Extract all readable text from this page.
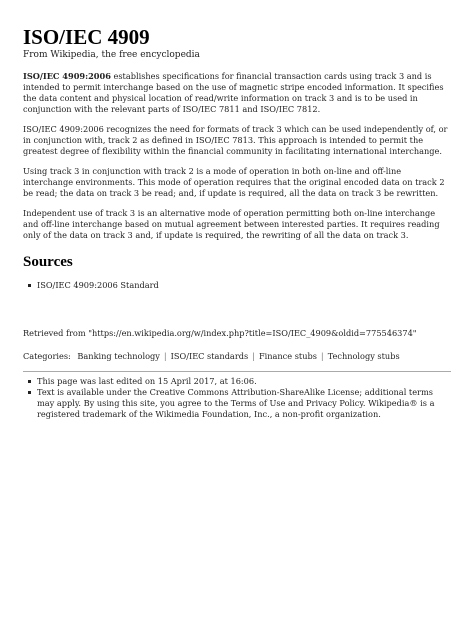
ISO/IEC 4909
From Wikipedia, the free encyclopedia

ISO/IEC 4909:2006 establishes specifications for financial transaction cards using track 3 and is intended to permit interchange based on the use of magnetic stripe encoded information. It specifies the data content and physical location of read/write information on track 3 and is to be used in conjunction with the relevant parts of ISO/IEC 7811 and ISO/IEC 7812.

ISO/IEC 4909:2006 recognizes the need for formats of track 3 which can be used independently of, or in conjunction with, track 2 as defined in ISO/IEC 7813. This approach is intended to permit the greatest degree of flexibility within the financial community in facilitating international interchange.

Using track 3 in conjunction with track 2 is a mode of operation in both on-line and off-line interchange environments. This mode of operation requires that the original encoded data on track 2 be read; the data on track 3 be read; and, if update is required, all the data on track 3 be rewritten.

Independent use of track 3 is an alternative mode of operation permitting both on-line interchange and off-line interchange based on mutual agreement between interested parties. It requires reading only of the data on track 3 and, if update is required, the rewriting of all the data on track 3.

Sources
ISO/IEC 4909:2006 Standard
Retrieved from "https://en.wikipedia.org/w/index.php?title=ISO/IEC_4909&oldid=775546374"
Categories: Banking technology | ISO/IEC standards | Finance stubs | Technology stubs
This page was last edited on 15 April 2017, at 16:06.
Text is available under the Creative Commons Attribution-ShareAlike License; additional terms may apply. By using this site, you agree to the Terms of Use and Privacy Policy. Wikipedia® is a registered trademark of the Wikimedia Foundation, Inc., a non-profit organization.
